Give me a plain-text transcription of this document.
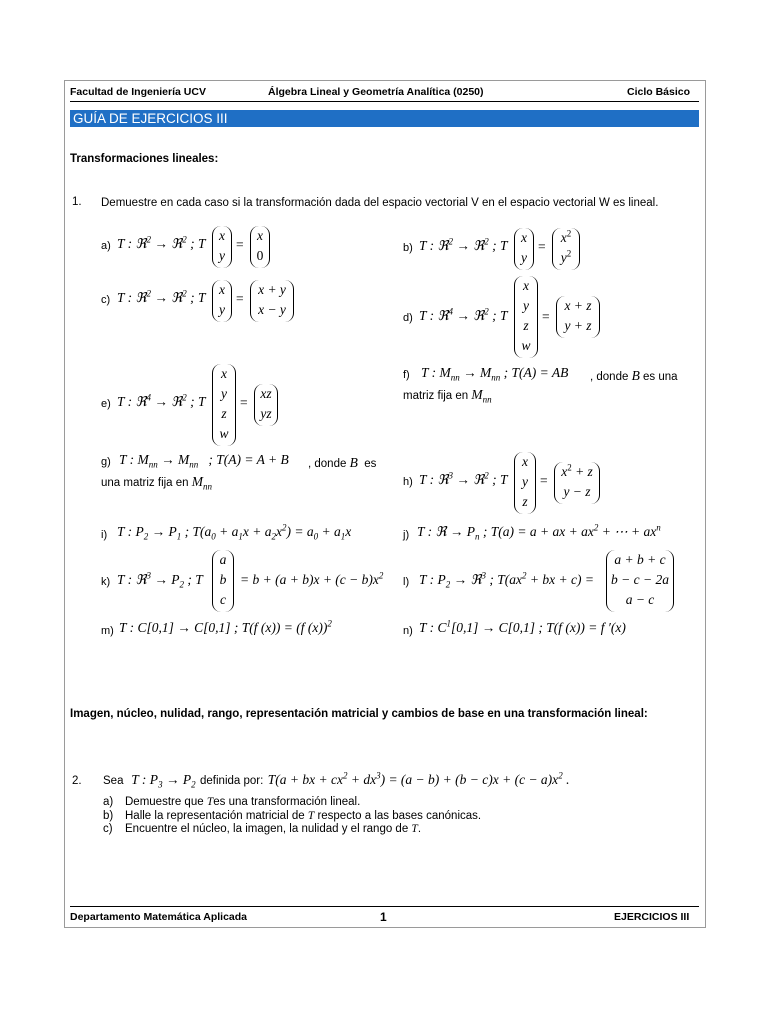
Facultad de Ingeniería UCV	Álgebra Lineal y Geometría Analítica (0250)	Ciclo Básico
GUÍA DE EJERCICIOS III
Transformaciones lineales:
1. Demuestre en cada caso si la transformación dada del espacio vectorial V en el espacio vectorial W es lineal.
a) T : ℜ$^2$ → ℜ$^2$ ; T
x
y
=
x
0	b) T : ℜ$^2$ → ℜ$^2$ ; T
x
y
=
$x^2$
$y^2$
c) T : ℜ$^2$ → ℜ$^2$ ; T
x
y
=
x + y
x − y
d) T : ℜ$^4$ → ℜ$^2$ ; T
x
y
z
w
=
x + z
y + z
f) T : $M_{nn} \to M_{nn}$ ; T(A) = AB , donde B es una
matriz fija en $M_{nn}$
e) T : ℜ$^4$ → ℜ$^2$ ; T
x
y
z
w
=
xz
yz
g) T : $M_{nn} \to M_{nn}$   ; T(A) = A + B , donde B es
una matriz fija en $M_{nn}$	h) T : ℜ$^3$ → ℜ$^2$ ; T
x
y
z
=
$x^2 + z$
y − z
i) T : $P_2 \to P_1$ ; $T(a_0 + a_1x + a_2x^2) = a_0 + a_1x$	j) T : ℜ → $P_n$ ; T(a) = a + ax + $ax^2$ + ⋯ + $ax^n$
k) T : ℜ$^3$ → $P_2$ ; T
a
b
c
= $b + (a + b)x + (c - b)x^2$
l) T : $P_2$ → ℜ$^3$ ; $T(ax^2$ + bx + c) =
a + b + c
b − c − 2a
a − c
m) T : C[0,1] → C[0,1] ; T(f (x)) = (f (x))$^2$
n) T : $C^1[0,1] \to C[0,1]$ ; T(f (x)) = f ′(x)
Imagen, núcleo, nulidad, rango, representación matricial y cambios de base en una transformación lineal:
2. Sea  T : $P_3 \to P_2$ definida por: T(a + bx + $cx^2 + dx^3) = (a - b) + (b - c)x + (c - a)x^2$ .
a) Demuestre que Tes una transformación lineal.
b) Halle la representación matricial de T respecto a las bases canónicas.
c) Encuentre el núcleo, la imagen, la nulidad y el rango de T.
Departamento Matemática Aplicada	1	EJERCICIOS III
